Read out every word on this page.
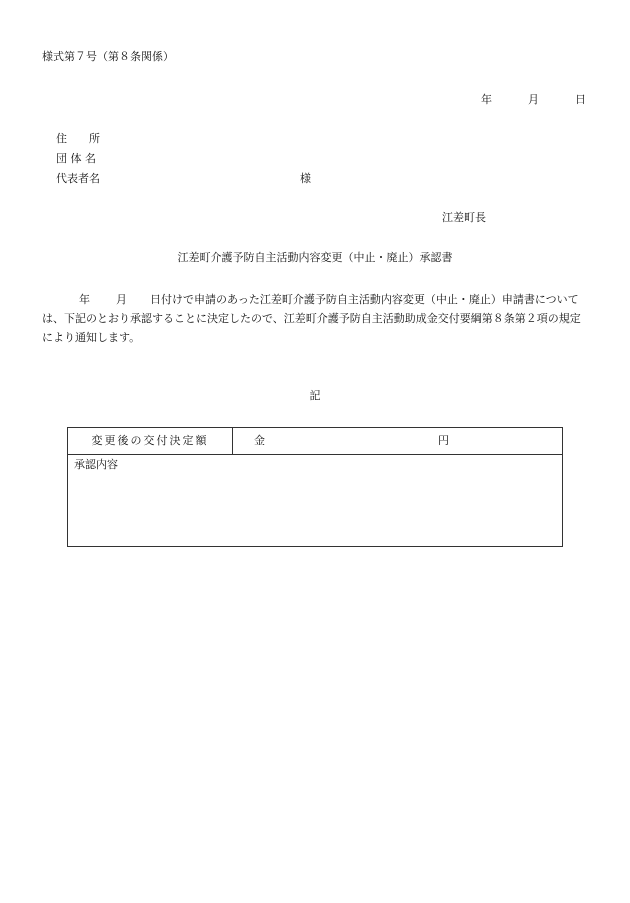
様式第７号（第８条関係）
年	月	日
住　　所
団 体 名
代表者名	様
江差町長
江差町介護予防自主活動内容変更（中止・廃止）承認書
年 月 日付けで申請のあった江差町介護予防自主活動内容変更（中止・廃止）申請書について は、下記のとおり承認することに決定したので、江差町介護予防自主活動助成金交付要綱第８条第２項の規定により通知します。
記
変更後の交付決定額	金	円
承認内容
